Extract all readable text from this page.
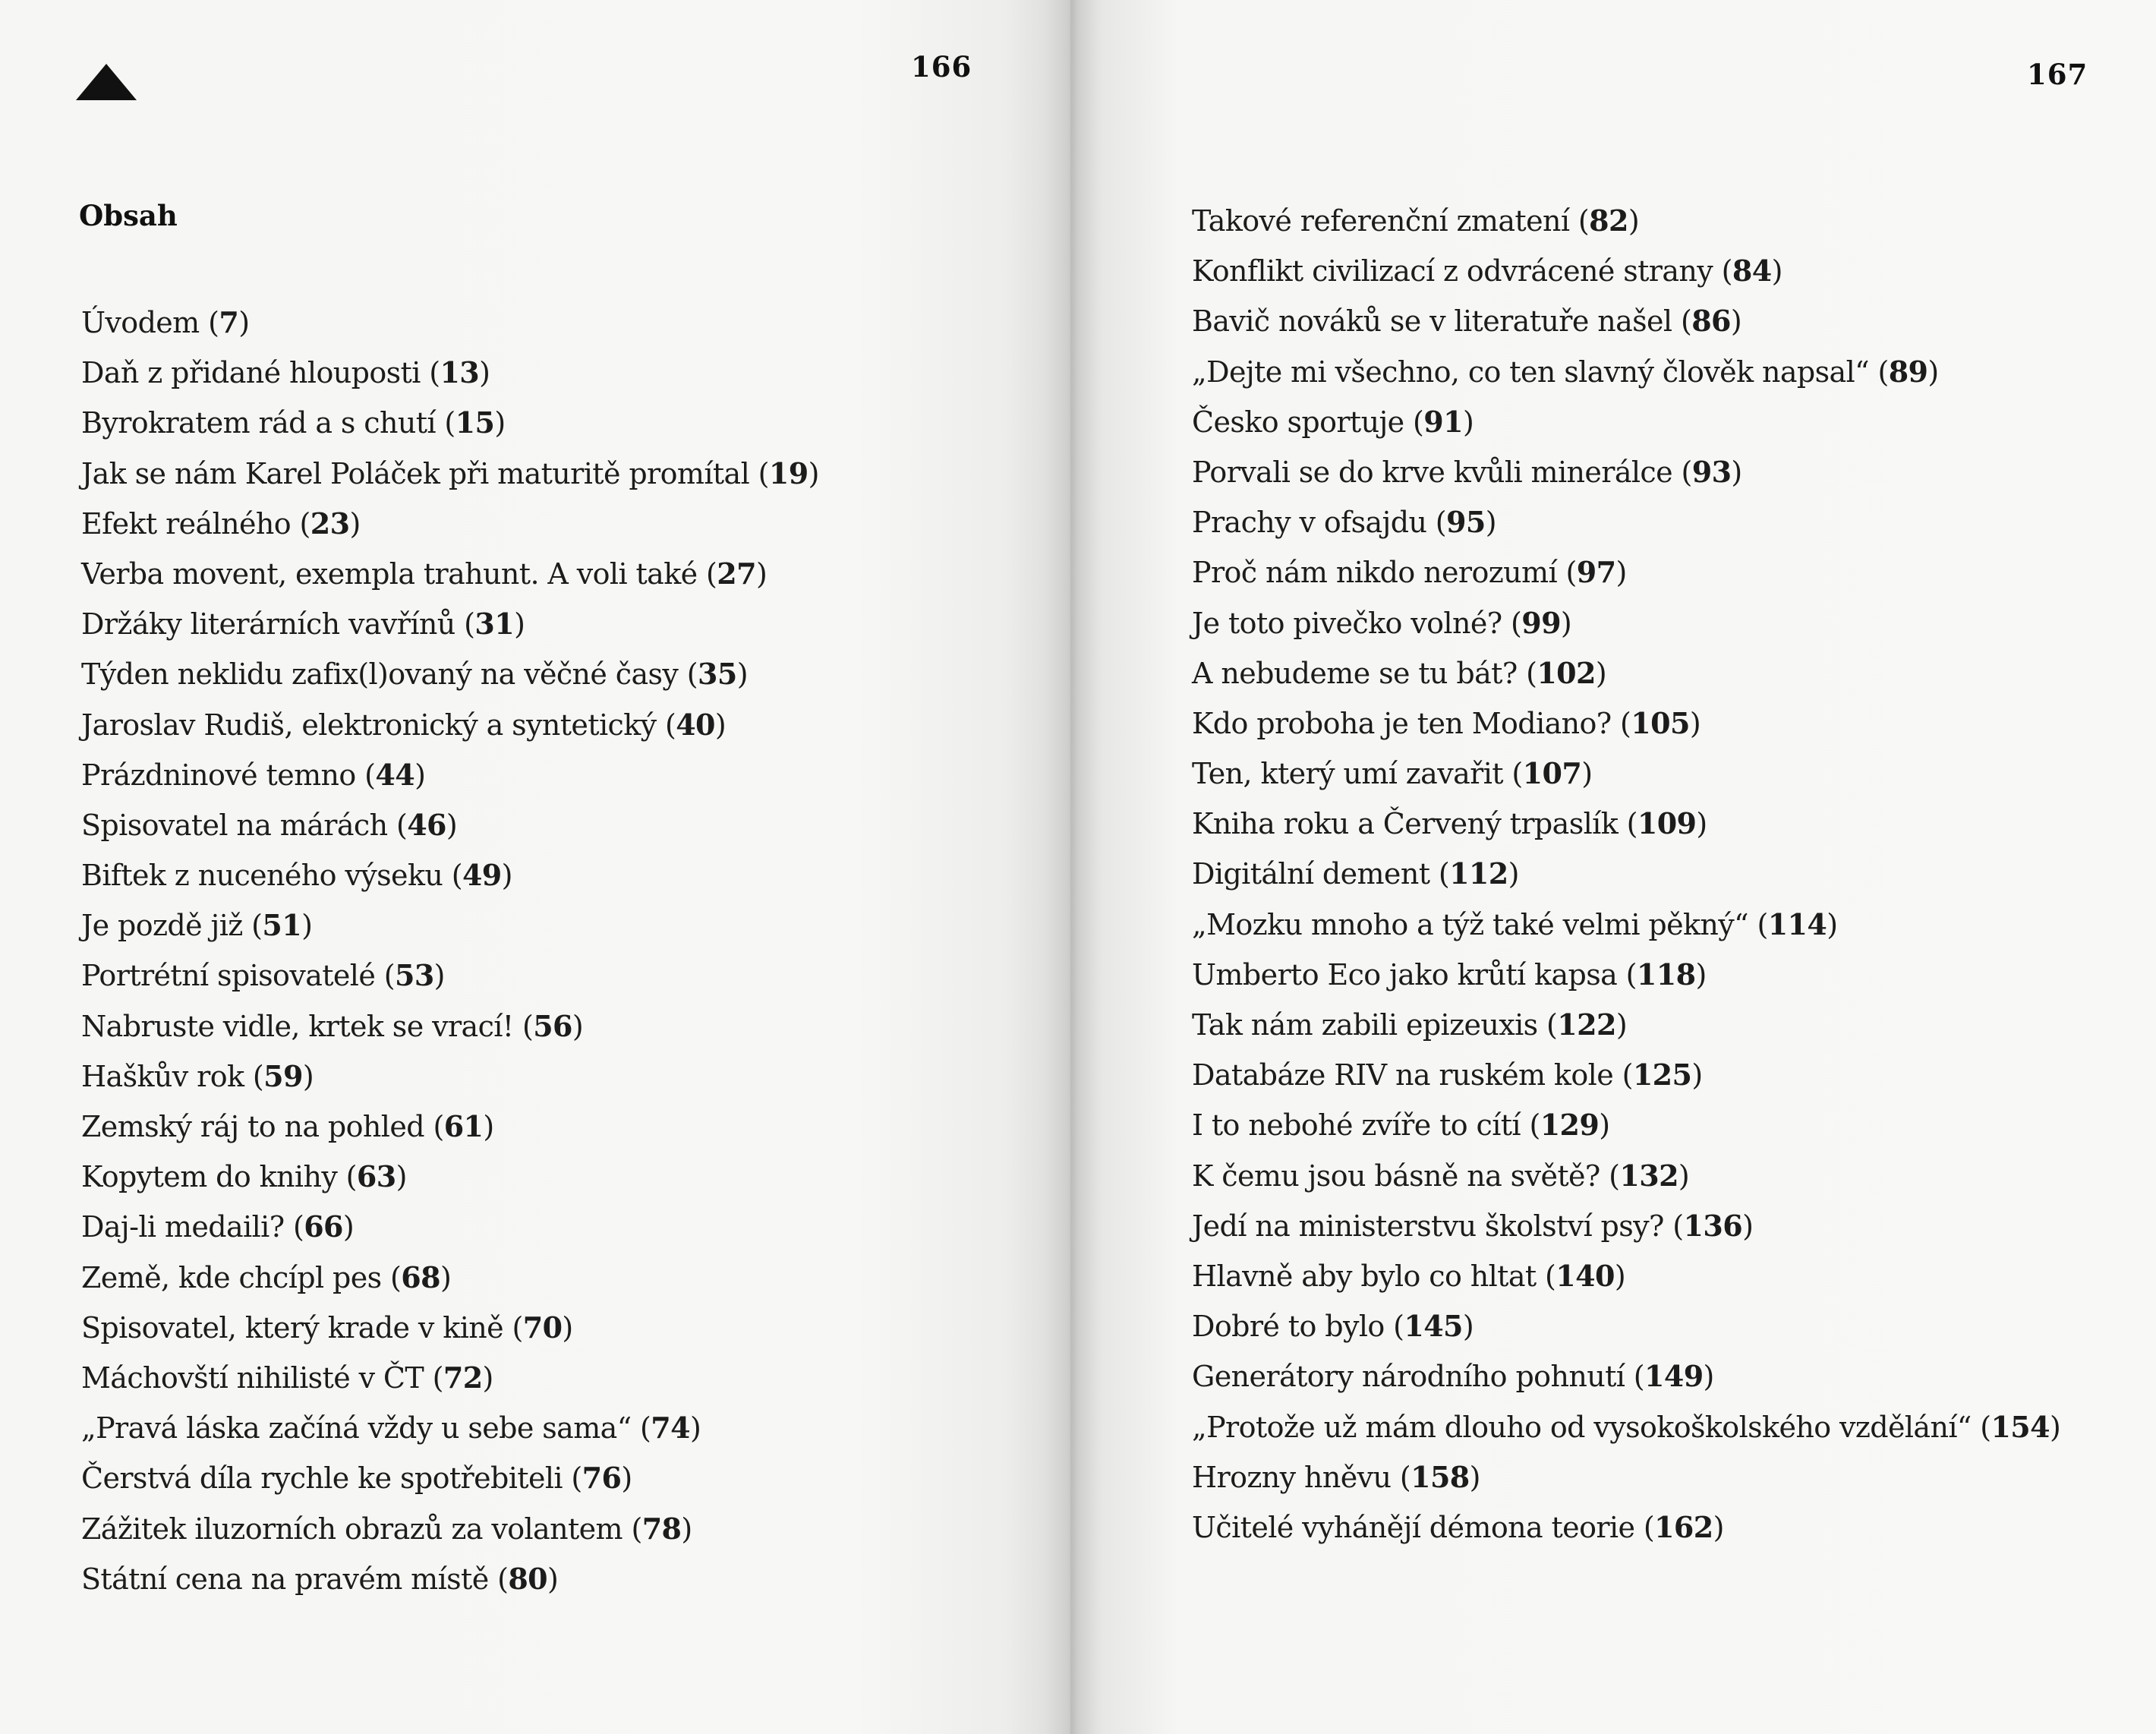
166
Obsah
Úvodem (7)
Daň z přidané hlouposti (13)
Byrokratem rád a s chutí (15)
Jak se nám Karel Poláček při maturitě promítal (19)
Efekt reálného (23)
Verba movent, exempla trahunt. A voli také (27)
Držáky literárních vavřínů (31)
Týden neklidu zafix(l)ovaný na věčné časy (35)
Jaroslav Rudiš, elektronický a syntetický (40)
Prázdninové temno (44)
Spisovatel na márách (46)
Biftek z nuceného výseku (49)
Je pozdě již (51)
Portrétní spisovatelé (53)
Nabruste vidle, krtek se vrací! (56)
Haškův rok (59)
Zemský ráj to na pohled (61)
Kopytem do knihy (63)
Daj-li medaili? (66)
Země, kde chcípl pes (68)
Spisovatel, který krade v kině (70)
Máchovští nihilisté v ČT (72)
„Pravá láska začíná vždy u sebe sama“ (74)
Čerstvá díla rychle ke spotřebiteli (76)
Zážitek iluzorních obrazů za volantem (78)
Státní cena na pravém místě (80)
167
Takové referenční zmatení (82)
Konflikt civilizací z odvrácené strany (84)
Bavič nováků se v literatuře našel (86)
„Dejte mi všechno, co ten slavný člověk napsal“ (89)
Česko sportuje (91)
Porvali se do krve kvůli minerálce (93)
Prachy v ofsajdu (95)
Proč nám nikdo nerozumí (97)
Je toto pivečko volné? (99)
A nebudeme se tu bát? (102)
Kdo proboha je ten Modiano? (105)
Ten, který umí zavařit (107)
Kniha roku a Červený trpaslík (109)
Digitální dement (112)
„Mozku mnoho a týž také velmi pěkný“ (114)
Umberto Eco jako krůtí kapsa (118)
Tak nám zabili epizeuxis (122)
Databáze RIV na ruském kole (125)
I to nebohé zvíře to cítí (129)
K čemu jsou básně na světě? (132)
Jedí na ministerstvu školství psy? (136)
Hlavně aby bylo co hltat (140)
Dobré to bylo (145)
Generátory národního pohnutí (149)
„Protože už mám dlouho od vysokoškolského vzdělání“ (154)
Hrozny hněvu (158)
Učitelé vyhánějí démona teorie (162)
